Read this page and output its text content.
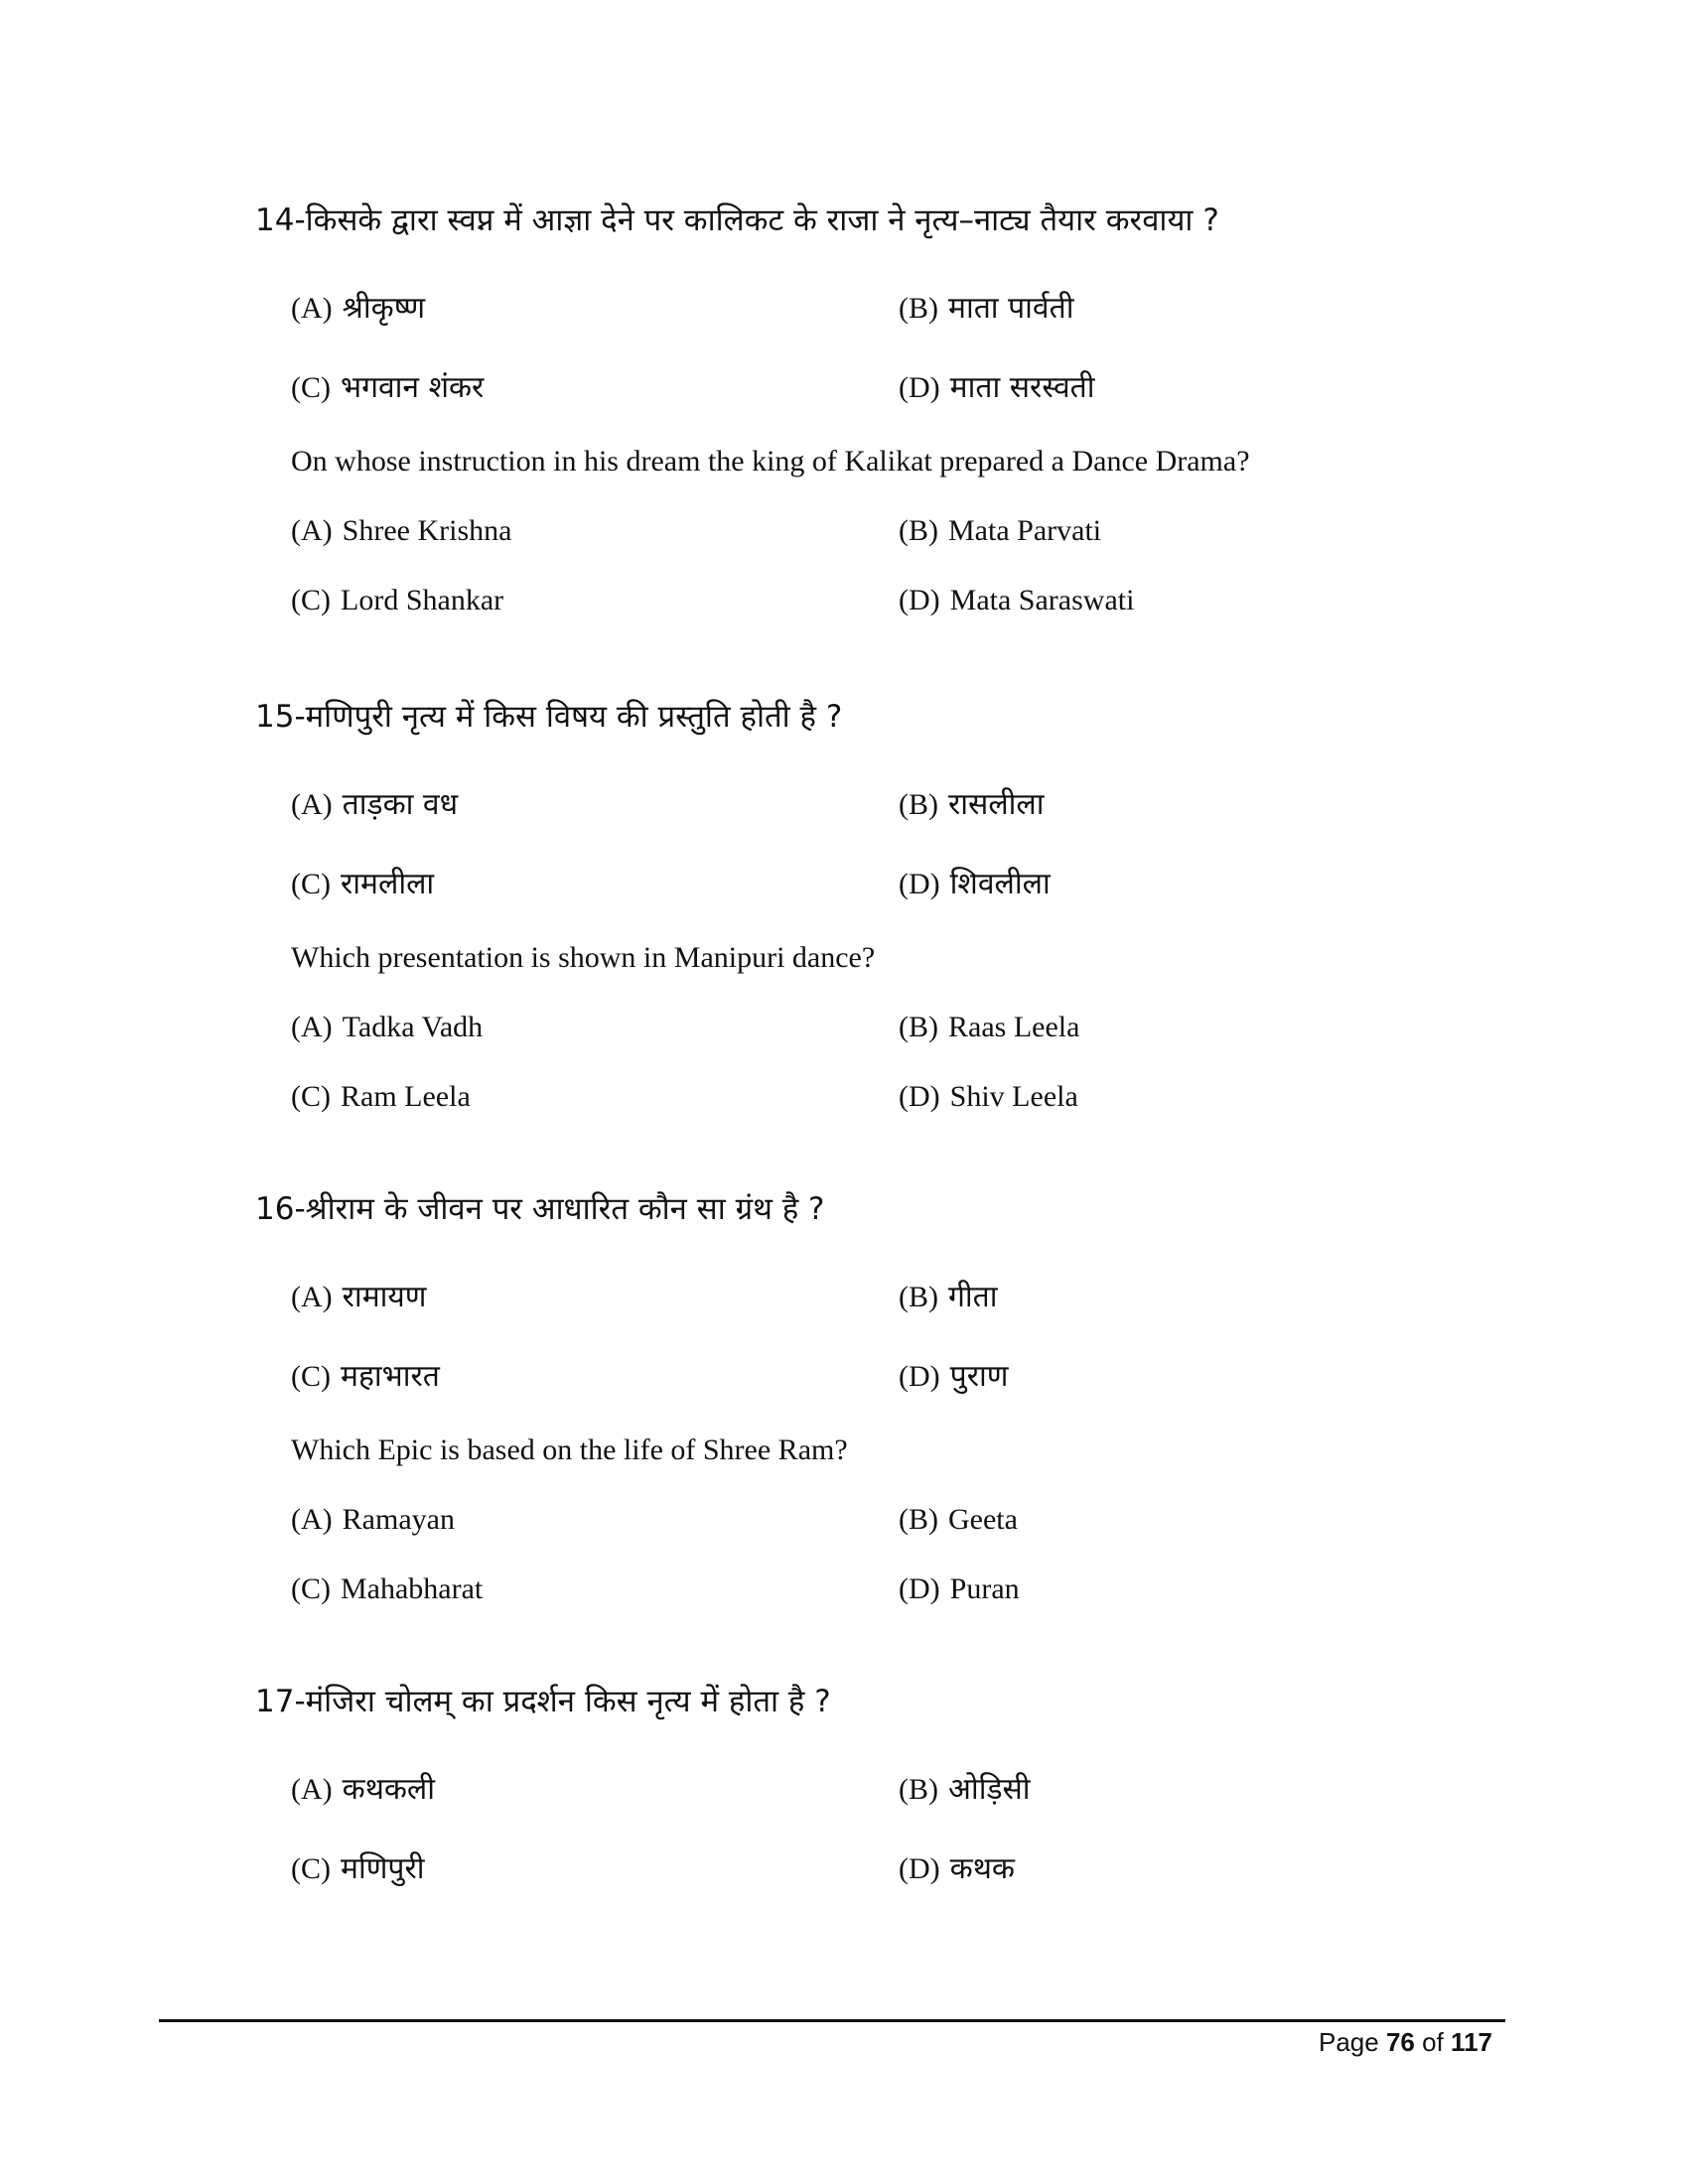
14-किसके द्वारा स्वप्न में आज्ञा देने पर कालिकट के राजा ने नृत्य–नाट्य तैयार करवाया ?
(A) श्रीकृष्ण	(B) माता पार्वती
(C) भगवान शंकर	(D) माता सरस्वती
On whose instruction in his dream the king of Kalikat prepared a Dance Drama?
(A) Shree Krishna	(B) Mata Parvati
(C) Lord Shankar	(D) Mata Saraswati
15-मणिपुरी नृत्य में किस विषय की प्रस्तुति होती है ?
(A) ताड़का वध	(B) रासलीला
(C) रामलीला	(D) शिवलीला
Which presentation is shown in Manipuri dance?
(A) Tadka Vadh	(B) Raas Leela
(C) Ram Leela	(D) Shiv Leela
16-श्रीराम के जीवन पर आधारित कौन सा ग्रंथ है ?
(A) रामायण	(B) गीता
(C) महाभारत	(D) पुराण
Which Epic is based on the life of Shree Ram?
(A) Ramayan	(B) Geeta
(C) Mahabharat	(D) Puran
17-मंजिरा चोलम् का प्रदर्शन किस नृत्य में होता है ?
(A) कथकली	(B) ओड़िसी
(C) मणिपुरी	(D) कथक
Page 76 of 117
